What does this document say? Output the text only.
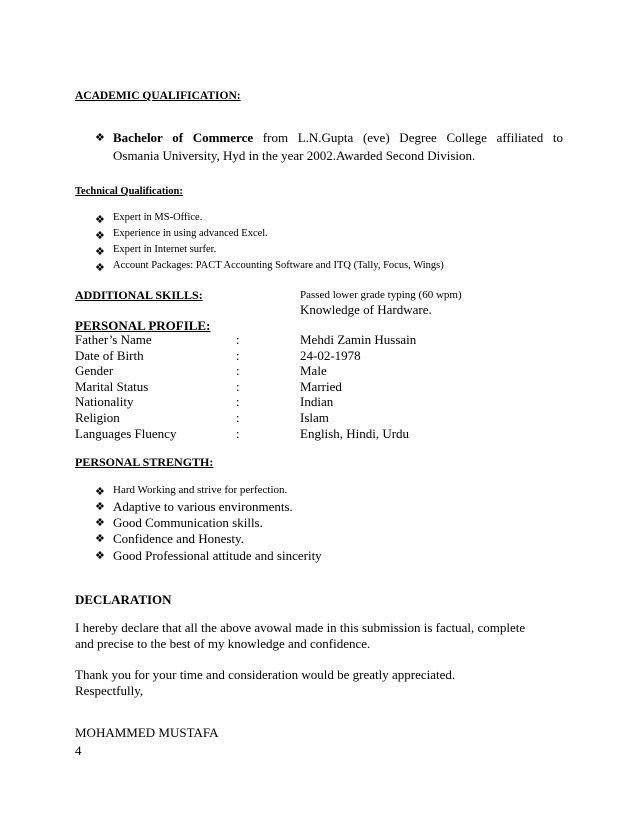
ACADEMIC QUALIFICATION:
❖ Bachelor of Commerce from L.N.Gupta (eve) Degree College affiliated to
Osmania University, Hyd in the year 2002.Awarded Second Division.
Technical Qualification:
❖ Expert in MS-Office.
❖ Experience in using advanced Excel.
❖ Expert in Internet surfer.
❖ Account Packages: PACT Accounting Software and ITQ (Tally, Focus, Wings)
ADDITIONAL SKILLS:	Passed lower grade typing (60 wpm)
Knowledge of Hardware.
PERSONAL PROFILE:
Father’s Name	:	Mehdi Zamin Hussain
Date of Birth	:	24-02-1978
Gender	:	Male
Marital Status	:	Married
Nationality	:	Indian
Religion	:	Islam
Languages Fluency	:	English, Hindi, Urdu
PERSONAL STRENGTH:
❖ Hard Working and strive for perfection.
❖ Adaptive to various environments.
❖ Good Communication skills.
❖ Confidence and Honesty.
❖ Good Professional attitude and sincerity
DECLARATION
I hereby declare that all the above avowal made in this submission is factual, complete
and precise to the best of my knowledge and confidence.
Thank you for your time and consideration would be greatly appreciated.
Respectfully,
MOHAMMED MUSTAFA
4
